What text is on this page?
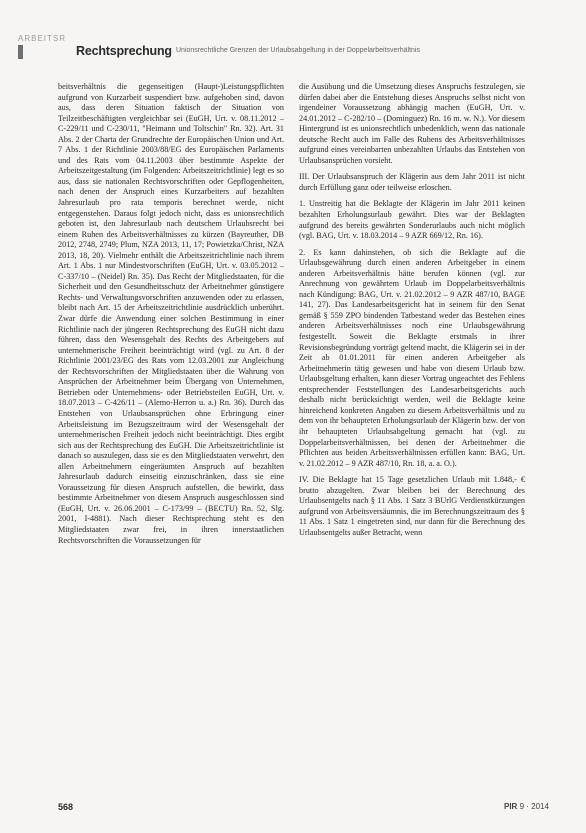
ARBEITSR
Rechtsprechung Unionsrechtliche Grenzen der Urlaubsabgeltung in der Doppelarbeitsverhältnis

beitsverhältnis die gegenseitigen (Haupt-)Leistungspflichten aufgrund von Kurzarbeit suspendiert bzw. aufgehoben sind, davon aus, dass deren Situation faktisch der Situation von Teilzeitbeschäftigten vergleichbar sei (EuGH, Urt. v. 08.11.2012 – C-229/11 und C-230/11, "Heimann und Toltschin" Rn. 32). Art. 31 Abs. 2 der Charta der Grundrechte der Europäischen Union und Art. 7 Abs. 1 der Richtlinie 2003/88/EG des Europäischen Parlaments und des Rats vom 04.11.2003 über bestimmte Aspekte der Arbeitszeitgestaltung (im Folgenden: Arbeitszeitrichtlinie) legt es so aus, dass sie nationalen Rechtsvorschriften oder Gepflogenheiten, nach denen der Anspruch eines Kurzarbeiters auf bezahlten Jahresurlaub pro rata temporis berechnet werde, nicht entgegenstehen. Daraus folgt jedoch nicht, dass es unionsrechtlich geboten ist, den Jahresurlaub nach deutschem Urlaubsrecht bei einem Ruhen des Arbeitsverhältnisses zu kürzen (Bayreuther, DB 2012, 2748, 2749; Plum, NZA 2013, 11, 17; Powietzka/Christ, NZA 2013, 18, 20). Vielmehr enthält die Arbeitszeitrichtlinie nach ihrem Art. 1 Abs. 1 nur Mindestvorschriften (EuGH, Urt. v. 03.05.2012 – C-337/10 – (Neidel) Rn. 35). Das Recht der Mitgliedstaaten, für die Sicherheit und den Gesundheitsschutz der Arbeitnehmer günstigere Rechts- und Verwaltungsvorschriften anzuwenden oder zu erlassen, bleibt nach Art. 15 der Arbeitszeitrichtlinie ausdrücklich unberührt. Zwar dürfe die Anwendung einer solchen Bestimmung in einer Richtlinie nach der jüngeren Rechtsprechung des EuGH nicht dazu führen, dass den Wesensgehalt des Rechts des Arbeitgebers auf unternehmerische Freiheit beeinträchtigt wird (vgl. zu Art. 8 der Richtlinie 2001/23/EG des Rats vom 12.03.2001 zur Angleichung der Rechtsvorschriften der Mitgliedstaaten über die Wahrung von Ansprüchen der Arbeitnehmer beim Übergang von Unternehmen, Betrieben oder Unternehmens- oder Betriebsteilen EuGH, Urt. v. 18.07.2013 – C-426/11 – (Alemo-Herron u. a.) Rn. 36). Durch das Entstehen von Urlaubsansprüchen ohne Erbringung einer Arbeitsleistung im Bezugszeitraum wird der Wesensgehalt der unternehmerischen Freiheit jedoch nicht beeinträchtigt. Dies ergibt sich aus der Rechtsprechung des EuGH. Die Arbeitszeitrichtlinie ist danach so auszulegen, dass sie es den Mitgliedstaaten verwehrt, den allen Arbeitnehmern eingeräumten Anspruch auf bezahlten Jahresurlaub dadurch einseitig einzuschränken, dass sie eine Voraussetzung für diesen Anspruch aufstellen, die bewirkt, dass bestimmte Arbeitnehmer von diesem Anspruch ausgeschlossen sind (EuGH, Urt. v. 26.06.2001 – C-173/99 – (BECTU) Rn. 52, Slg. 2001, I-4881). Nach dieser Rechtsprechung steht es den Mitgliedstaaten zwar frei, in ihren innerstaatlichen Rechtsvorschriften die Voraussetzungen für

die Ausübung und die Umsetzung dieses Anspruchs festzulegen, sie dürfen dabei aber die Entstehung dieses Anspruchs selbst nicht von irgendeiner Voraussetzung abhängig machen (EuGH, Urt. v. 24.01.2012 – C-282/10 – (Dominguez) Rn. 16 m. w. N.). Vor diesem Hintergrund ist es unionsrechtlich unbedenklich, wenn das nationale deutsche Recht auch im Falle des Ruhens des Arbeitsverhältnisses aufgrund eines vereinbarten unbezahlten Urlaubs das Entstehen von Urlaubsansprüchen vorsieht.

III. Der Urlaubsanspruch der Klägerin aus dem Jahr 2011 ist nicht durch Erfüllung ganz oder teilweise erloschen.

1. Unstreitig hat die Beklagte der Klägerin im Jahr 2011 keinen bezahlten Erholungsurlaub gewährt. Dies war der Beklagten aufgrund des bereits gewährten Sonderurlaubs auch nicht möglich (vgl. BAG, Urt. v. 18.03.2014 – 9 AZR 669/12, Rn. 16).

2. Es kann dahinstehen, ob sich die Beklagte auf die Urlaubsgewährung durch einen anderen Arbeitgeber in einem anderen Arbeitsverhältnis hätte berufen können (vgl. zur Anrechnung von gewährtem Urlaub im Doppelarbeitsverhältnis nach Kündigung: BAG, Urt. v. 21.02.2012 – 9 AZR 487/10, BAGE 141, 27). Das Landesarbeitsgericht hat in seinem für den Senat gemäß § 559 ZPO bindenden Tatbestand weder das Bestehen eines anderen Arbeitsverhältnisses noch eine Urlaubsgewährung festgestellt. Soweit die Beklagte erstmals in ihrer Revisionsbegründung vorträgt geltend macht, die Klägerin sei in der Zeit ab 01.01.2011 für einen anderen Arbeitgeber als Arbeitnehmerin tätig gewesen und habe von diesem Urlaub bzw. Urlaubsgeltung erhalten, kann dieser Vortrag ungeachtet des Fehlens entsprechender Feststellungen des Landesarbeitsgerichts auch deshalb nicht berücksichtigt werden, weil die Beklagte keine hinreichend konkreten Angaben zu diesem Arbeitsverhältnis und zu dem von ihr behaupteten Erholungsurlaub der Klägerin bzw. der von ihr behaupteten Urlaubsabgeltung gemacht hat (vgl. zu Doppelarbeitsverhältnissen, bei denen der Arbeitnehmer die Pflichten aus beiden Arbeitsverhältnissen erfüllen kann: BAG, Urt. v. 21.02.2012 – 9 AZR 487/10, Rn. 18, a. a. O.).

IV. Die Beklagte hat 15 Tage gesetzlichen Urlaub mit 1.848,- € brutto abzugelten. Zwar bleiben bei der Berechnung des Urlaubsentgelts nach § 11 Abs. 1 Satz 3 BUrlG Verdienstkürzungen aufgrund von Arbeitsversäumnis, die im Berechnungszeitraum des § 11 Abs. 1 Satz 1 eingetreten sind, nur dann für die Berechnung des Urlaubsentgelts außer Betracht, wenn

568	PIR 9 · 2014
